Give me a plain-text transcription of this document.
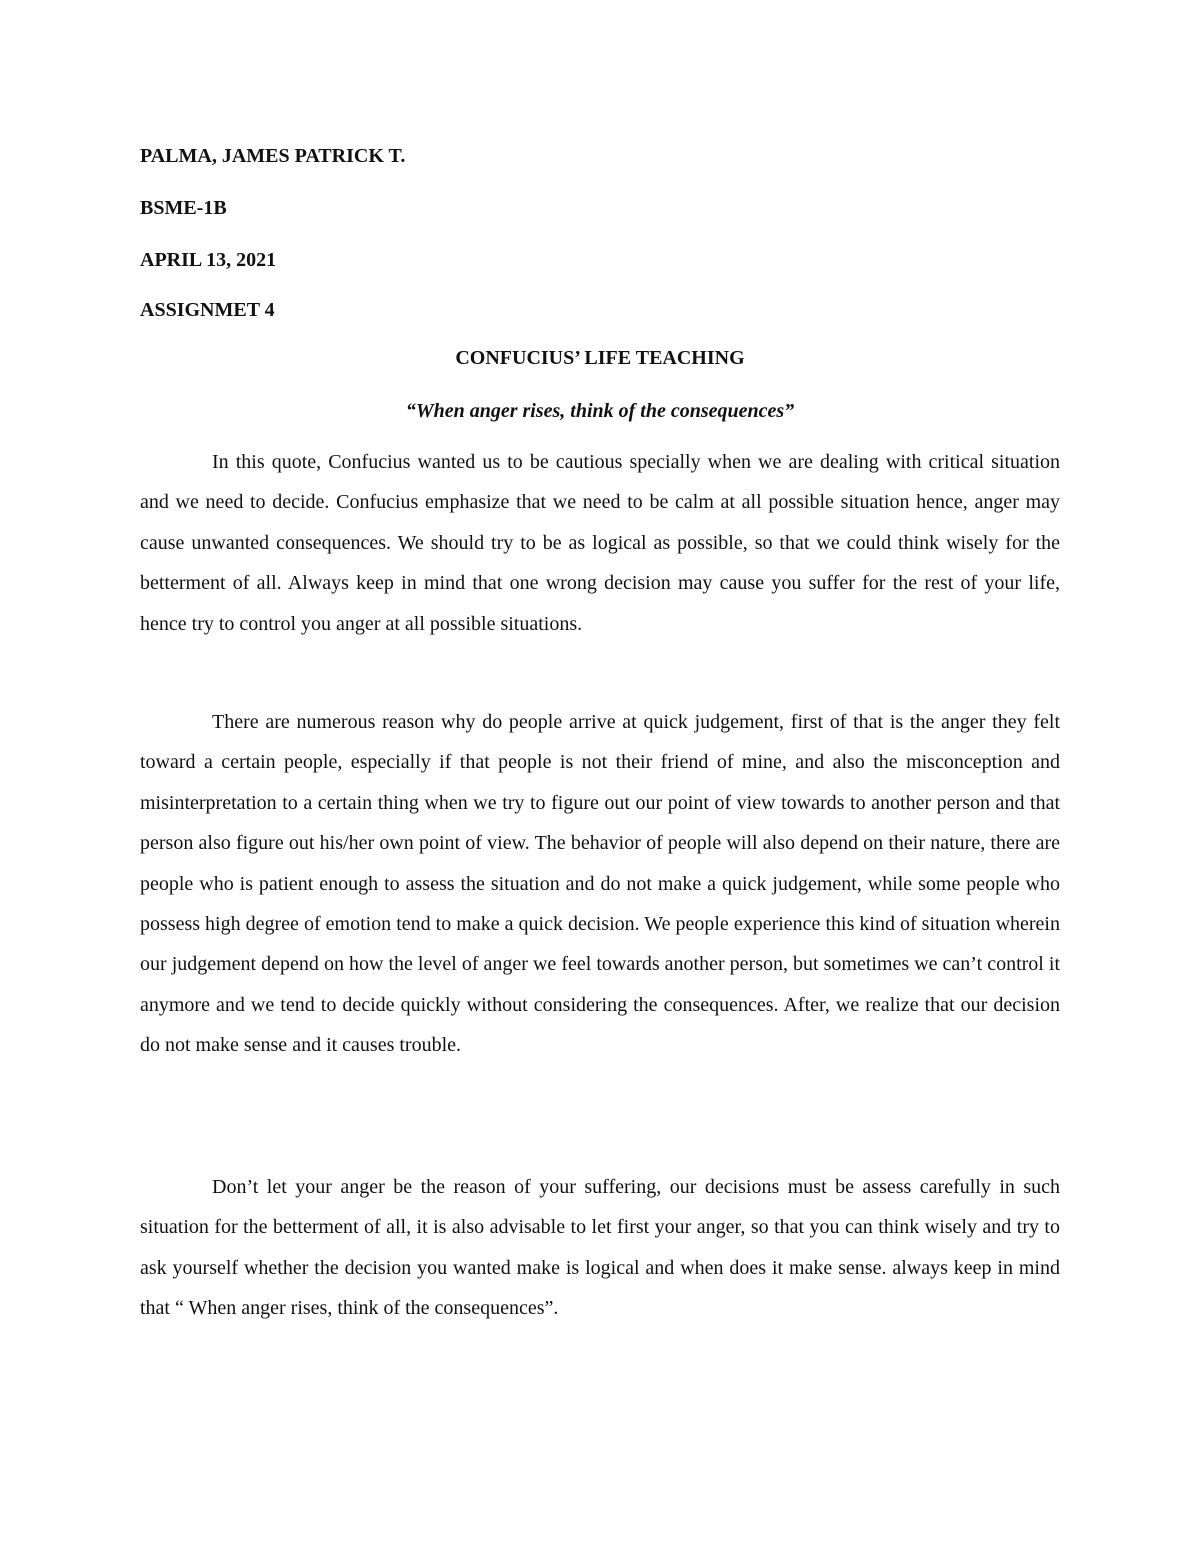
PALMA, JAMES PATRICK T.

BSME-1B

APRIL 13, 2021

ASSIGNMET 4

CONFUCIUS’ LIFE TEACHING

“When anger rises, think of the consequences”

In this quote, Confucius wanted us to be cautious specially when we are dealing with critical situation and we need to decide. Confucius emphasize that we need to be calm at all possible situation hence, anger may cause unwanted consequences. We should try to be as logical as possible, so that we could think wisely for the betterment of all. Always keep in mind that one wrong decision may cause you suffer for the rest of your life, hence try to control you anger at all possible situations.

There are numerous reason why do people arrive at quick judgement, first of that is the anger they felt toward a certain people, especially if that people is not their friend of mine, and also the misconception and misinterpretation to a certain thing when we try to figure out our point of view towards to another person and that person also figure out his/her own point of view. The behavior of people will also depend on their nature, there are people who is patient enough to assess the situation and do not make a quick judgement, while some people who possess high degree of emotion tend to make a quick decision. We people experience this kind of situation wherein our judgement depend on how the level of anger we feel towards another person, but sometimes we can’t control it anymore and we tend to decide quickly without considering the consequences. After, we realize that our decision do not make sense and it causes trouble.

Don’t let your anger be the reason of your suffering, our decisions must be assess carefully in such situation for the betterment of all, it is also advisable to let first your anger, so that you can think wisely and try to ask yourself whether the decision you wanted make is logical and when does it make sense. always keep in mind that “ When anger rises, think of the consequences”.
